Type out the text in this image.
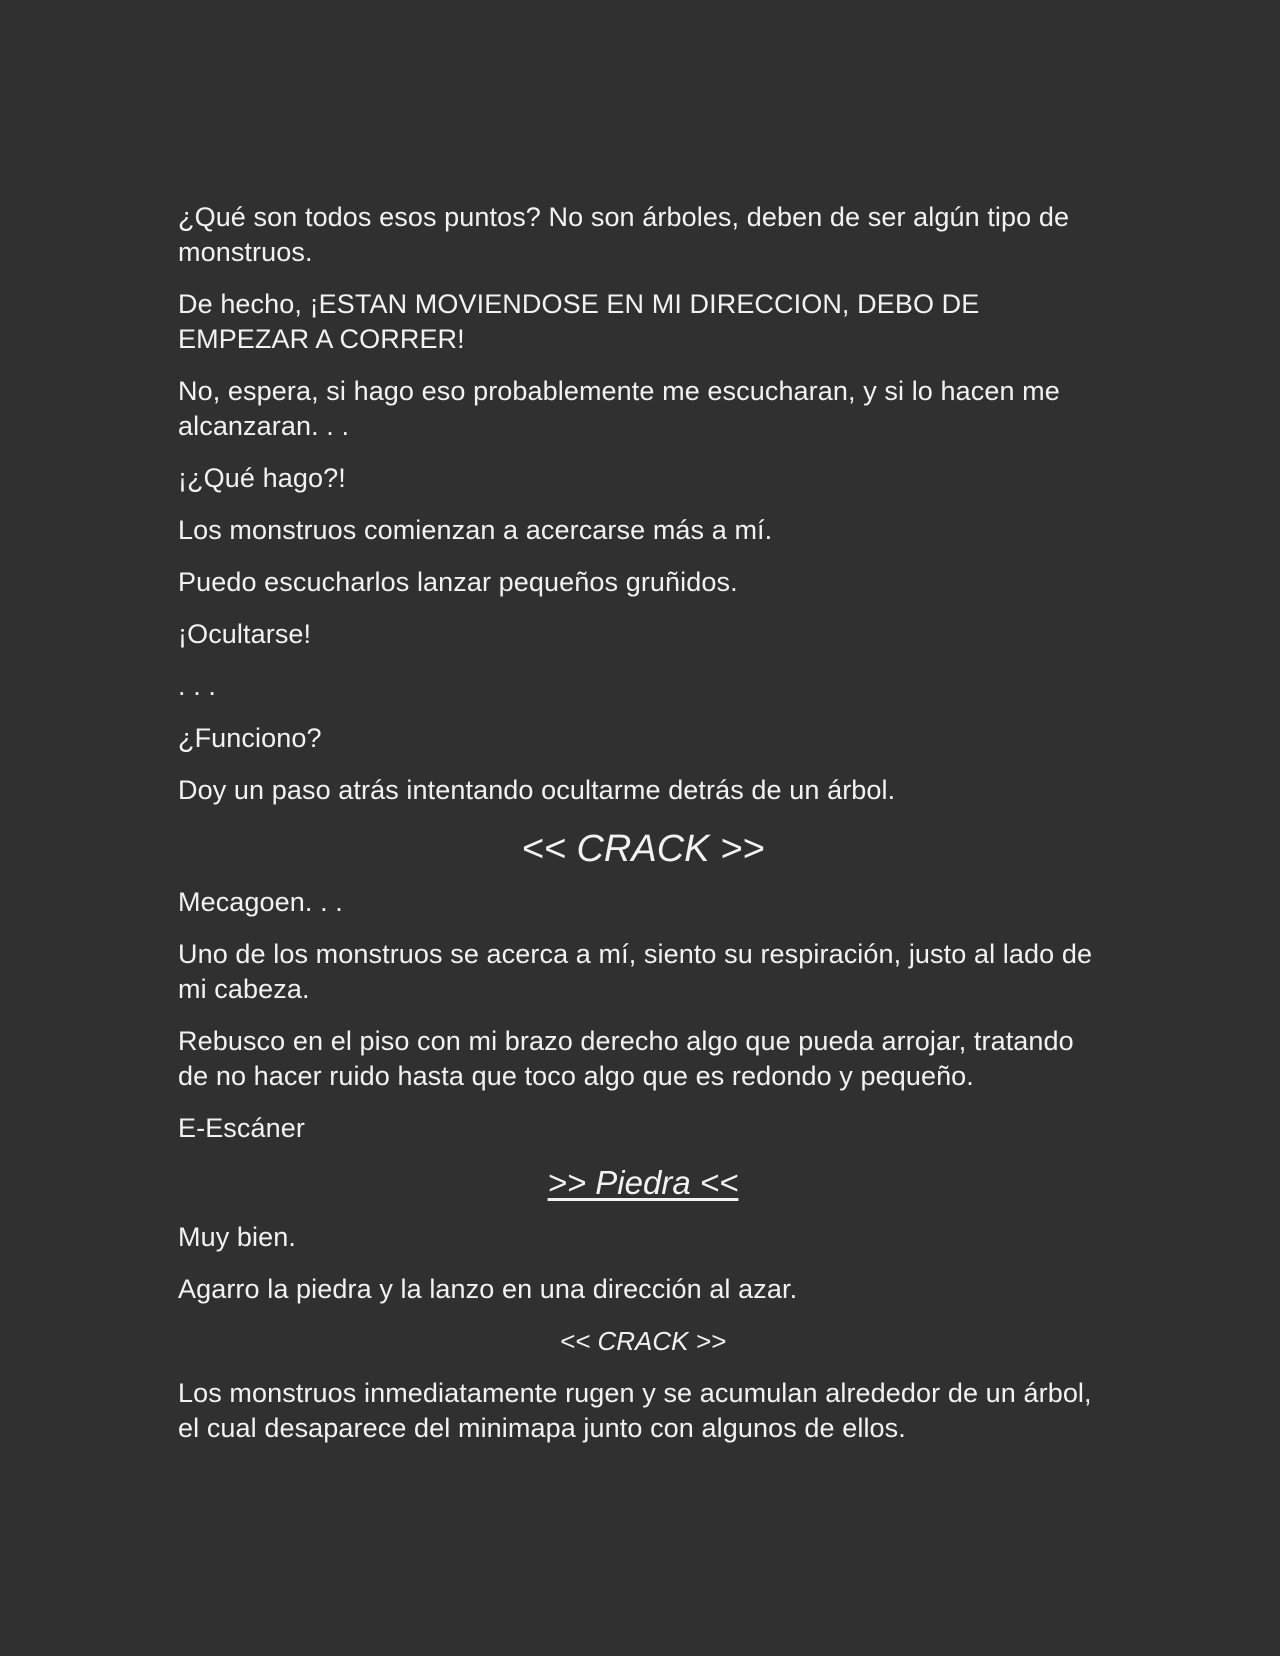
¿Qué son todos esos puntos? No son árboles, deben de ser algún tipo de monstruos.

De hecho, ¡ESTAN MOVIENDOSE EN MI DIRECCION, DEBO DE EMPEZAR A CORRER!

No, espera, si hago eso probablemente me escucharan, y si lo hacen me alcanzaran. . .

¡¿Qué hago?!

Los monstruos comienzan a acercarse más a mí.

Puedo escucharlos lanzar pequeños gruñidos.

¡Ocultarse!

. . .

¿Funciono?

Doy un paso atrás intentando ocultarme detrás de un árbol.

<< CRACK >>

Mecagoen. . .

Uno de los monstruos se acerca a mí, siento su respiración, justo al lado de mi cabeza.

Rebusco en el piso con mi brazo derecho algo que pueda arrojar, tratando de no hacer ruido hasta que toco algo que es redondo y pequeño.

E-Escáner

>> Piedra <<

Muy bien.

Agarro la piedra y la lanzo en una dirección al azar.

<< CRACK >>

Los monstruos inmediatamente rugen y se acumulan alrededor de un árbol, el cual desaparece del minimapa junto con algunos de ellos.
